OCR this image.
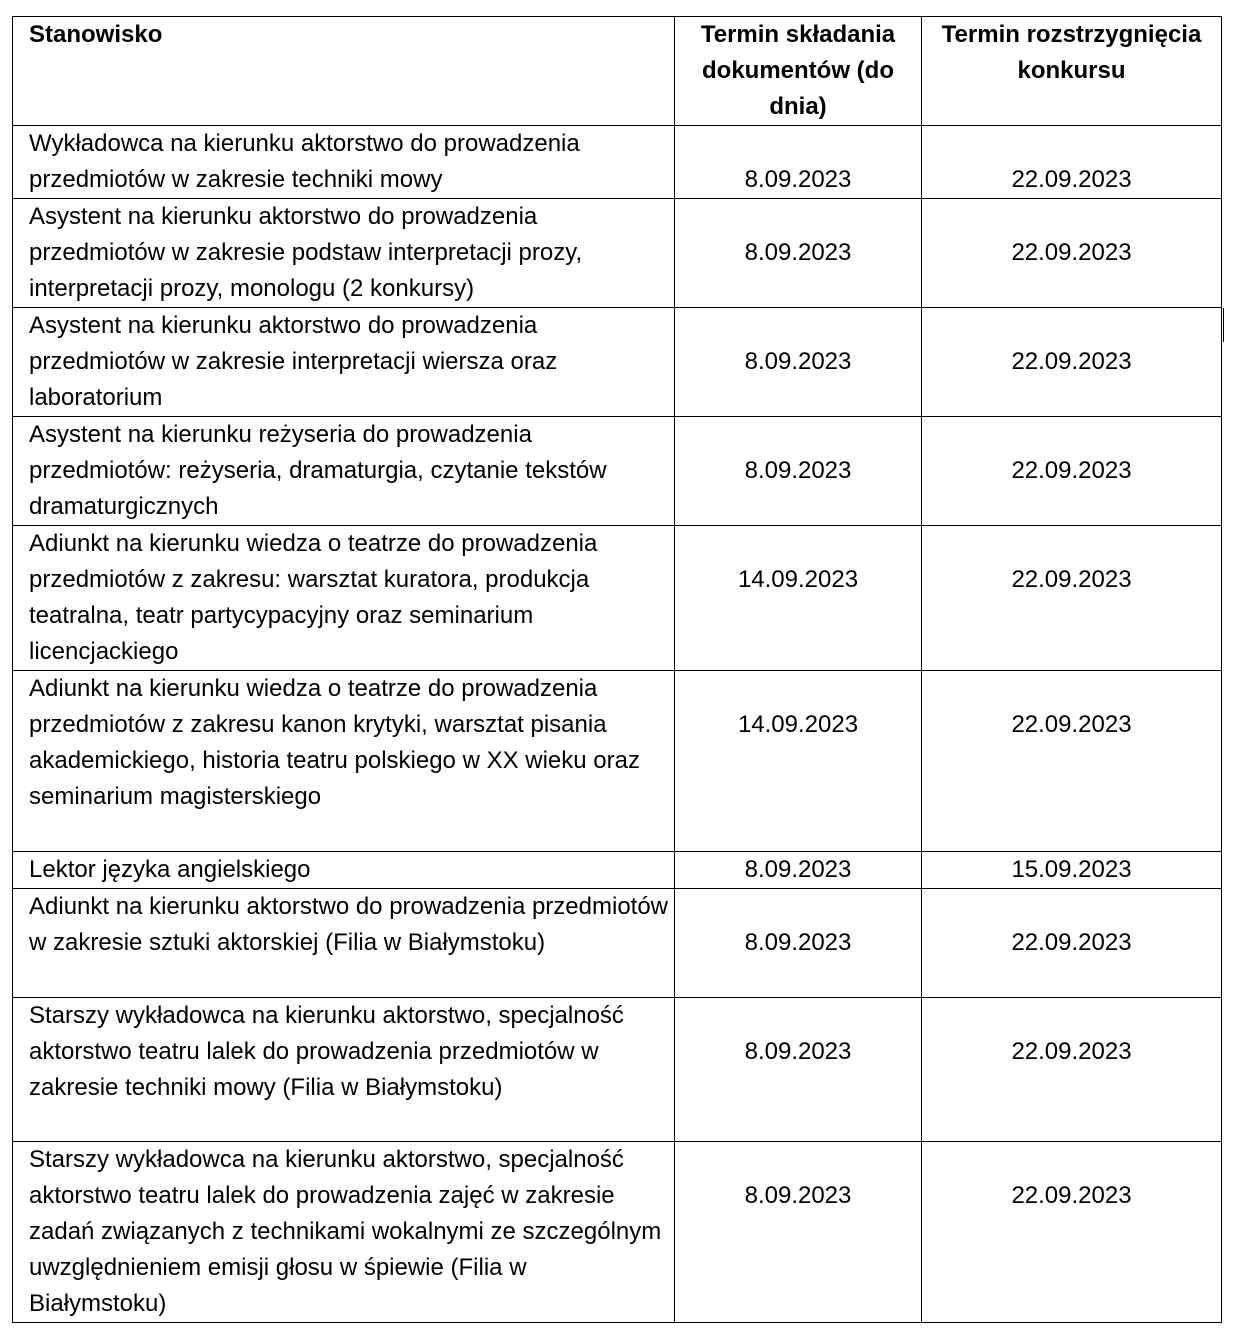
Stanowisko	Termin składania dokumentów (do dnia)	Termin rozstrzygnięcia konkursu

Wykładowca na kierunku aktorstwo do prowadzenia przedmiotów w zakresie techniki mowy	8.09.2023	22.09.2023

Asystent na kierunku aktorstwo do prowadzenia przedmiotów w zakresie podstaw interpretacji prozy, interpretacji prozy, monologu (2 konkursy)	8.09.2023	22.09.2023

Asystent na kierunku aktorstwo do prowadzenia przedmiotów w zakresie interpretacji wiersza oraz laboratorium	8.09.2023	22.09.2023

Asystent na kierunku reżyseria do prowadzenia przedmiotów: reżyseria, dramaturgia, czytanie tekstów dramaturgicznych	8.09.2023	22.09.2023

Adiunkt na kierunku wiedza o teatrze do prowadzenia przedmiotów z zakresu: warsztat kuratora, produkcja teatralna, teatr partycypacyjny oraz seminarium licencjackiego	14.09.2023	22.09.2023

Adiunkt na kierunku wiedza o teatrze do prowadzenia przedmiotów z zakresu kanon krytyki, warsztat pisania akademickiego, historia teatru polskiego w XX wieku oraz seminarium magisterskiego	14.09.2023	22.09.2023

Lektor języka angielskiego	8.09.2023	15.09.2023

Adiunkt na kierunku aktorstwo do prowadzenia przedmiotów w zakresie sztuki aktorskiej (Filia w Białymstoku)	8.09.2023	22.09.2023

Starszy wykładowca na kierunku aktorstwo, specjalność aktorstwo teatru lalek do prowadzenia przedmiotów w zakresie techniki mowy (Filia w Białymstoku)	8.09.2023	22.09.2023

Starszy wykładowca na kierunku aktorstwo, specjalność aktorstwo teatru lalek do prowadzenia zajęć w zakresie zadań związanych z technikami wokalnymi ze szczególnym uwzględnieniem emisji głosu w śpiewie (Filia w Białymstoku)	8.09.2023	22.09.2023
